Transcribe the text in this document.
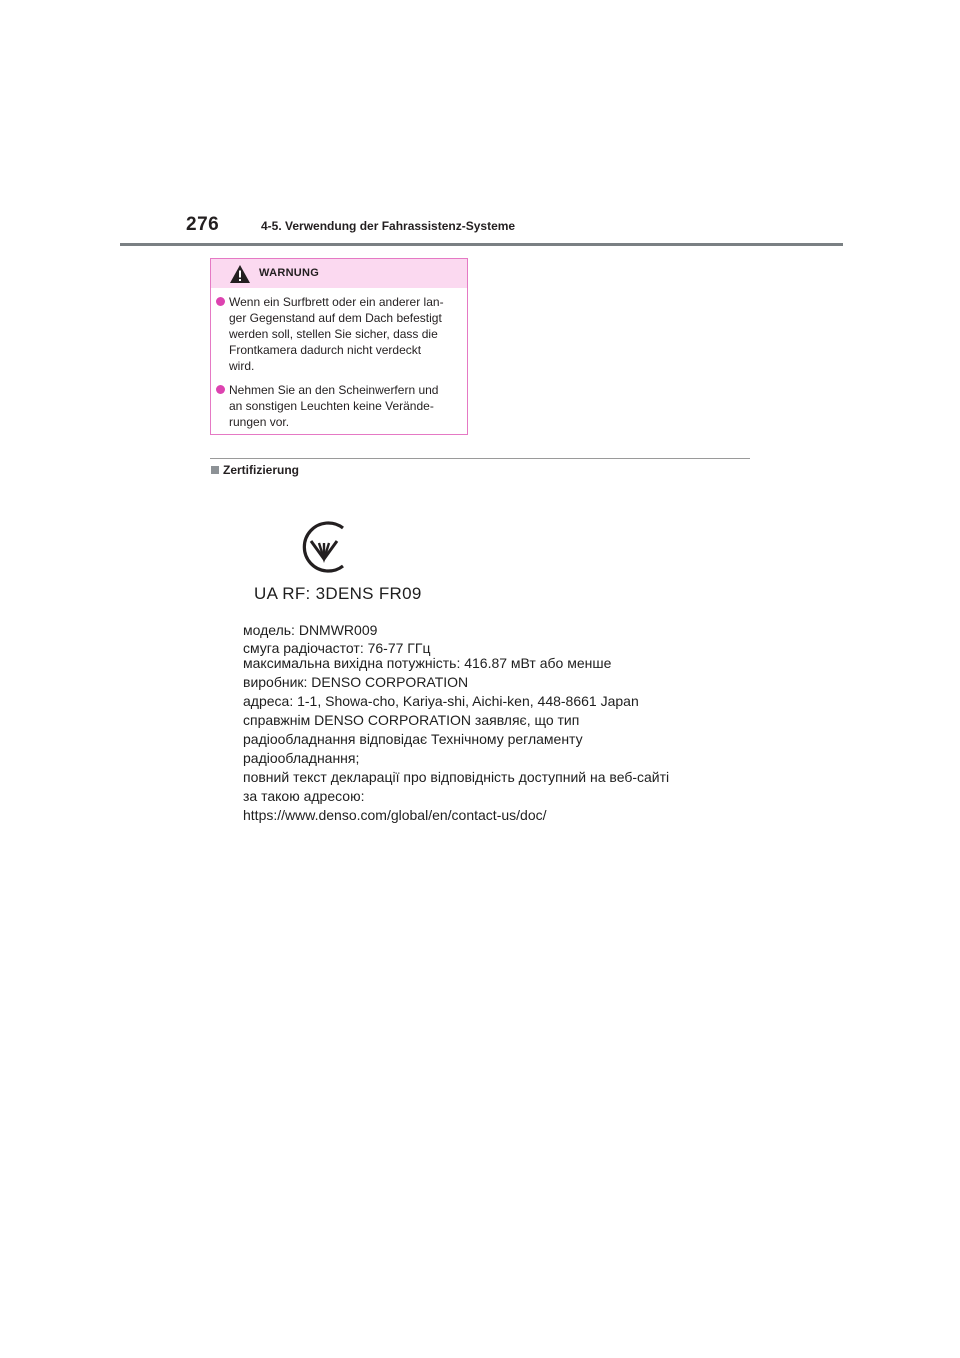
276	4-5. Verwendung der Fahrassistenz-Systeme
WARNUNG
Wenn ein Surfbrett oder ein anderer lan-
ger Gegenstand auf dem Dach befestigt
werden soll, stellen Sie sicher, dass die
Frontkamera dadurch nicht verdeckt
wird.
Nehmen Sie an den Scheinwerfern und
an sonstigen Leuchten keine Verände-
rungen vor.
Zertifizierung
UA RF: 3DENS FR09
модель: DNMWR009
смуга радіочастот: 76-77 ГГц
максимальна вихідна потужність: 416.87 мВт або менше
виробник: DENSO CORPORATION
адреса: 1-1, Showa-cho, Kariya-shi, Aichi-ken, 448-8661 Japan
справжнім DENSO CORPORATION заявляє, що тип
радіообладнання відповідає Технічному регламенту
радіообладнання;
повний текст декларації про відповідність доступний на веб-сайті
за такою адресою:
https://www.denso.com/global/en/contact-us/doc/
